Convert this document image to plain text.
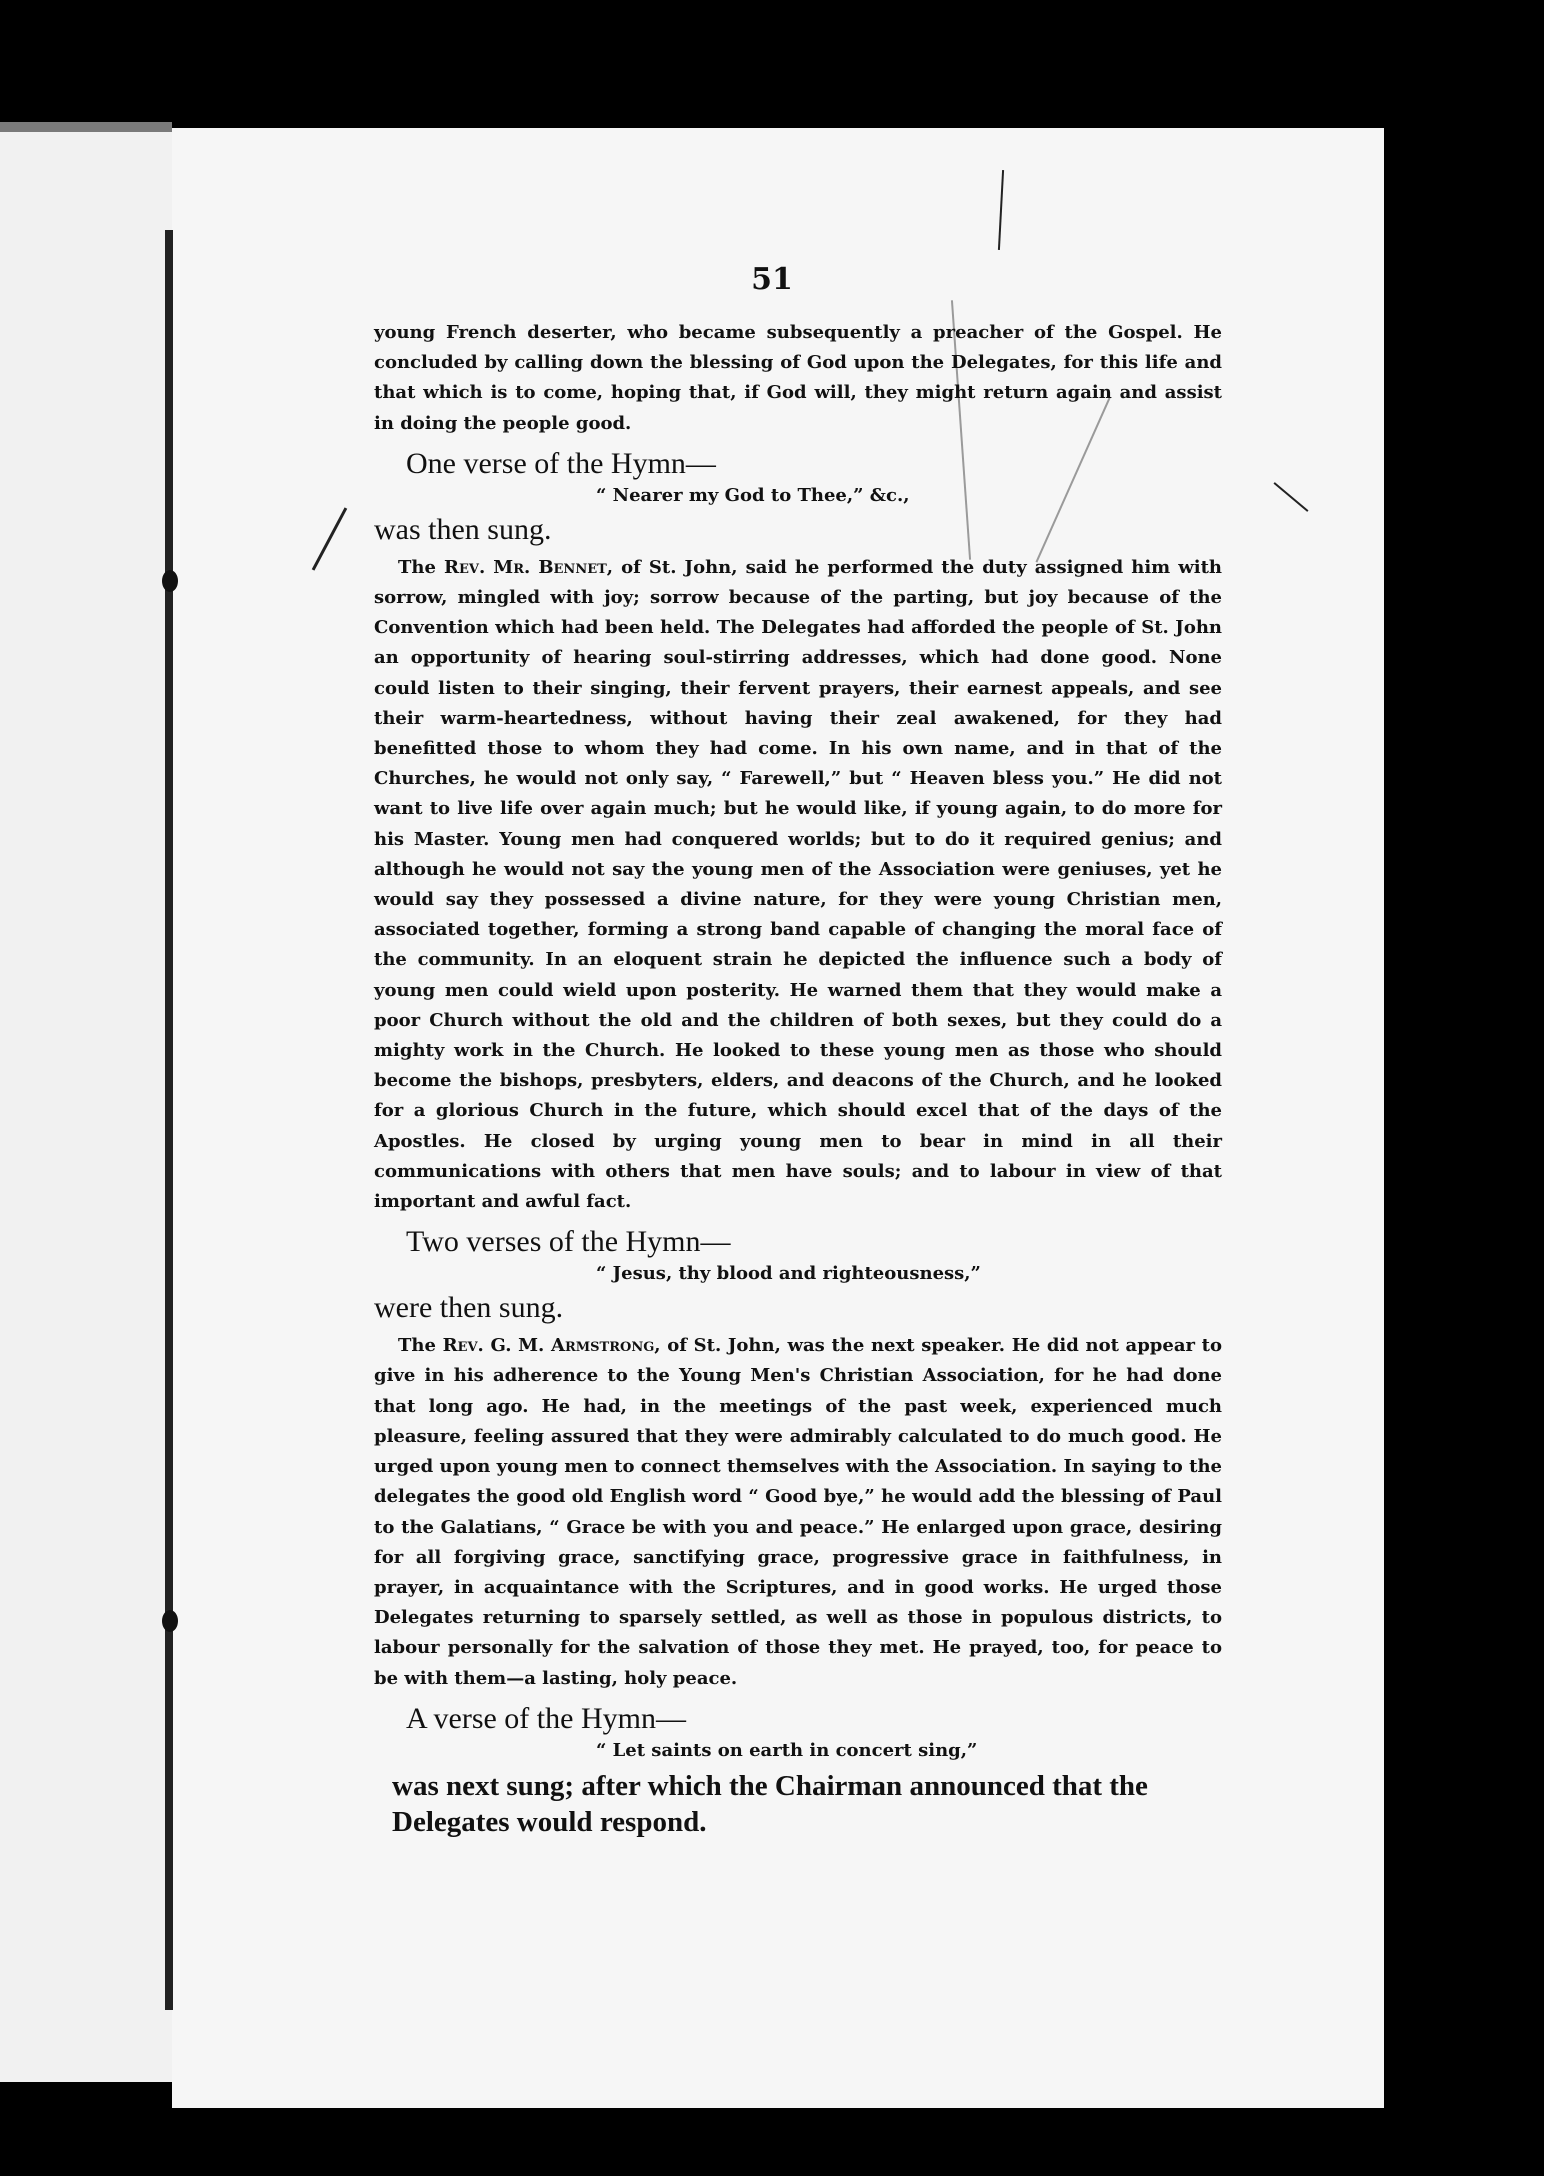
51

young French deserter, who became subsequently a preacher of the Gospel. He concluded by calling down the blessing of God upon the Delegates, for this life and that which is to come, hoping that, if God will, they might return again and assist in doing the people good.

One verse of the Hymn—
“ Nearer my God to Thee,” &c.,
was then sung.

The Rev. Mr. Bennet, of St. John, said he performed the duty assigned him with sorrow, mingled with joy; sorrow because of the parting, but joy because of the Convention which had been held. The Delegates had afforded the people of St. John an opportunity of hearing soul-stirring addresses, which had done good. None could listen to their singing, their fervent prayers, their earnest appeals, and see their warm-heartedness, without having their zeal awakened, for they had benefitted those to whom they had come. In his own name, and in that of the Churches, he would not only say, “ Farewell,” but “ Heaven bless you.” He did not want to live life over again much; but he would like, if young again, to do more for his Master. Young men had conquered worlds; but to do it required genius; and although he would not say the young men of the Association were geniuses, yet he would say they possessed a divine nature, for they were young Christian men, associated together, forming a strong band capable of changing the moral face of the community. In an eloquent strain he depicted the influence such a body of young men could wield upon posterity. He warned them that they would make a poor Church without the old and the children of both sexes, but they could do a mighty work in the Church. He looked to these young men as those who should become the bishops, presbyters, elders, and deacons of the Church, and he looked for a glorious Church in the future, which should excel that of the days of the Apostles. He closed by urging young men to bear in mind in all their communications with others that men have souls; and to labour in view of that important and awful fact.

Two verses of the Hymn—
“ Jesus, thy blood and righteousness,”
were then sung.

The Rev. G. M. Armstrong, of St. John, was the next speaker. He did not appear to give in his adherence to the Young Men's Christian Association, for he had done that long ago. He had, in the meetings of the past week, experienced much pleasure, feeling assured that they were admirably calculated to do much good. He urged upon young men to connect themselves with the Association. In saying to the delegates the good old English word “ Good bye,” he would add the blessing of Paul to the Galatians, “ Grace be with you and peace.” He enlarged upon grace, desiring for all forgiving grace, sanctifying grace, progressive grace in faithfulness, in prayer, in acquaintance with the Scriptures, and in good works. He urged those Delegates returning to sparsely settled, as well as those in populous districts, to labour personally for the salvation of those they met. He prayed, too, for peace to be with them—a lasting, holy peace.

A verse of the Hymn—
“ Let saints on earth in concert sing,”
was next sung; after which the Chairman announced that the Delegates would respond.
